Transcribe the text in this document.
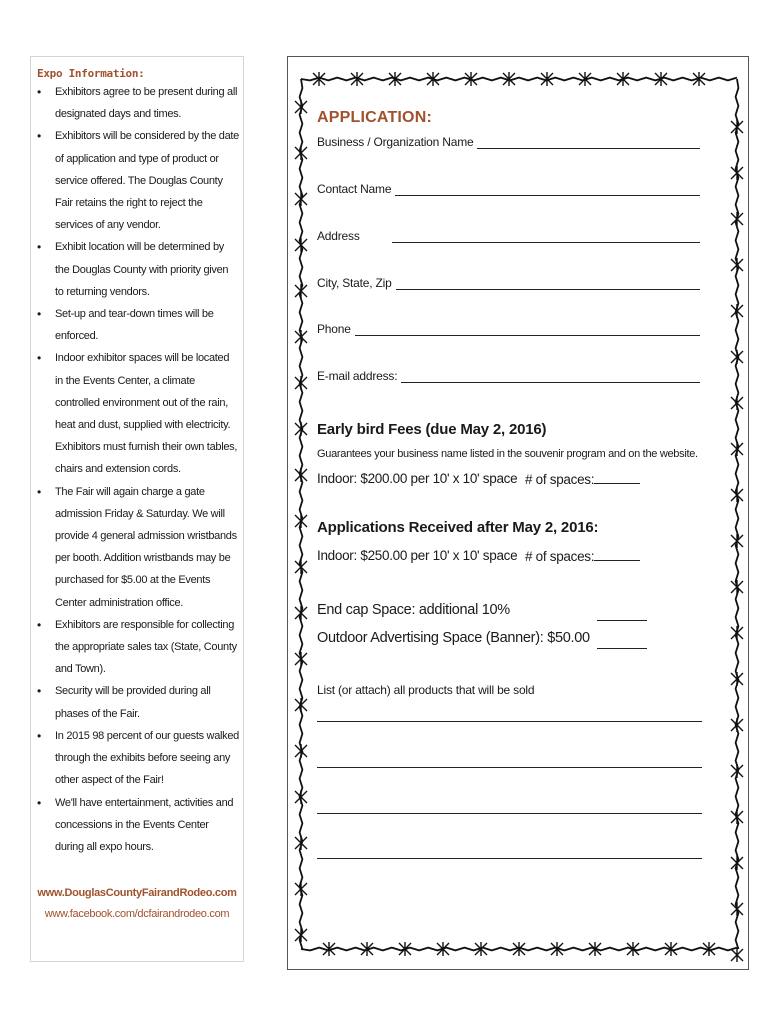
Expo Information:
• Exhibitors agree to be present during all designated days and times.
• Exhibitors will be considered by the date of application and type of product or service offered. The Douglas County Fair retains the right to reject the services of any vendor.
• Exhibit location will be determined by the Douglas County with priority given to returning vendors.
• Set-up and tear-down times will be enforced.
• Indoor exhibitor spaces will be located in the Events Center, a climate controlled environment out of the rain, heat and dust, supplied with electricity. Exhibitors must furnish their own tables, chairs and extension cords.
• The Fair will again charge a gate admission Friday & Saturday. We will provide 4 general admission wristbands per booth. Addition wristbands may be purchased for $5.00 at the Events Center administration office.
• Exhibitors are responsible for collecting the appropriate sales tax (State, County and Town).
• Security will be provided during all phases of the Fair.
• In 2015 98 percent of our guests walked through the exhibits before seeing any other aspect of the Fair!
• We'll have entertainment, activities and concessions in the Events Center during all expo hours.
www.DouglasCountyFairandRodeo.com
www.facebook.com/dcfairandrodeo.com
APPLICATION:
Business / Organization Name
Contact Name
Address
City, State, Zip
Phone
E-mail address:
Early bird Fees (due May 2, 2016)
Guarantees your business name listed in the souvenir program and on the website.
Indoor: $200.00 per 10' x 10' space # of spaces:
Applications Received after May 2, 2016:
Indoor: $250.00 per 10' x 10' space # of spaces:
End cap Space: additional 10%
Outdoor Advertising Space (Banner): $50.00
List (or attach) all products that will be sold
